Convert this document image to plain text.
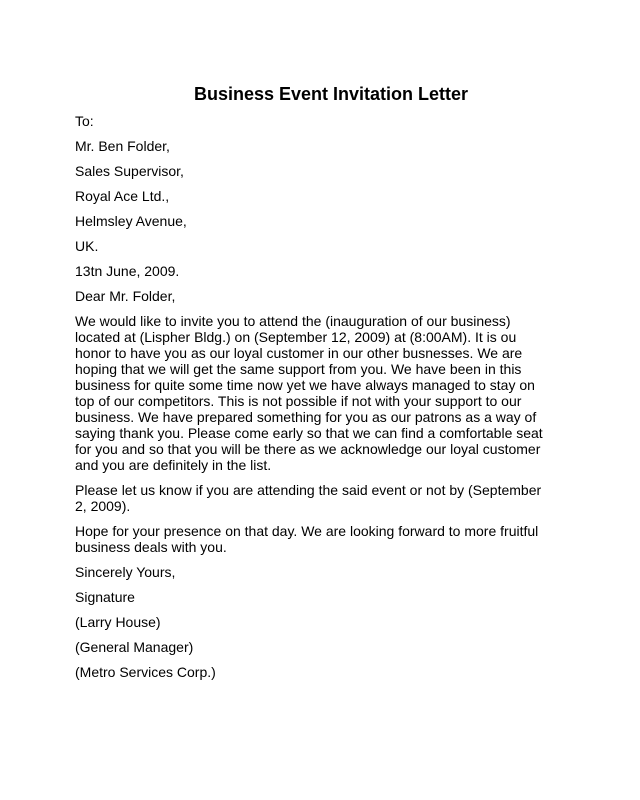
Business Event Invitation Letter
To:
Mr. Ben Folder,
Sales Supervisor,
Royal Ace Ltd.,
Helmsley Avenue,
UK.
13tn June, 2009.
Dear Mr. Folder,
We would like to invite you to attend the (inauguration of our business)
located at (Lispher Bldg.) on (September 12, 2009) at (8:00AM). It is ou
honor to have you as our loyal customer in our other busnesses. We are
hoping that we will get the same support from you. We have been in this
business for quite some time now yet we have always managed to stay on
top of our competitors. This is not possible if not with your support to our
business. We have prepared something for you as our patrons as a way of
saying thank you. Please come early so that we can find a comfortable seat
for you and so that you will be there as we acknowledge our loyal customer
and you are definitely in the list.
Please let us know if you are attending the said event or not by (September
2, 2009).
Hope for your presence on that day. We are looking forward to more fruitful
business deals with you.
Sincerely Yours,
Signature
(Larry House)
(General Manager)
(Metro Services Corp.)
